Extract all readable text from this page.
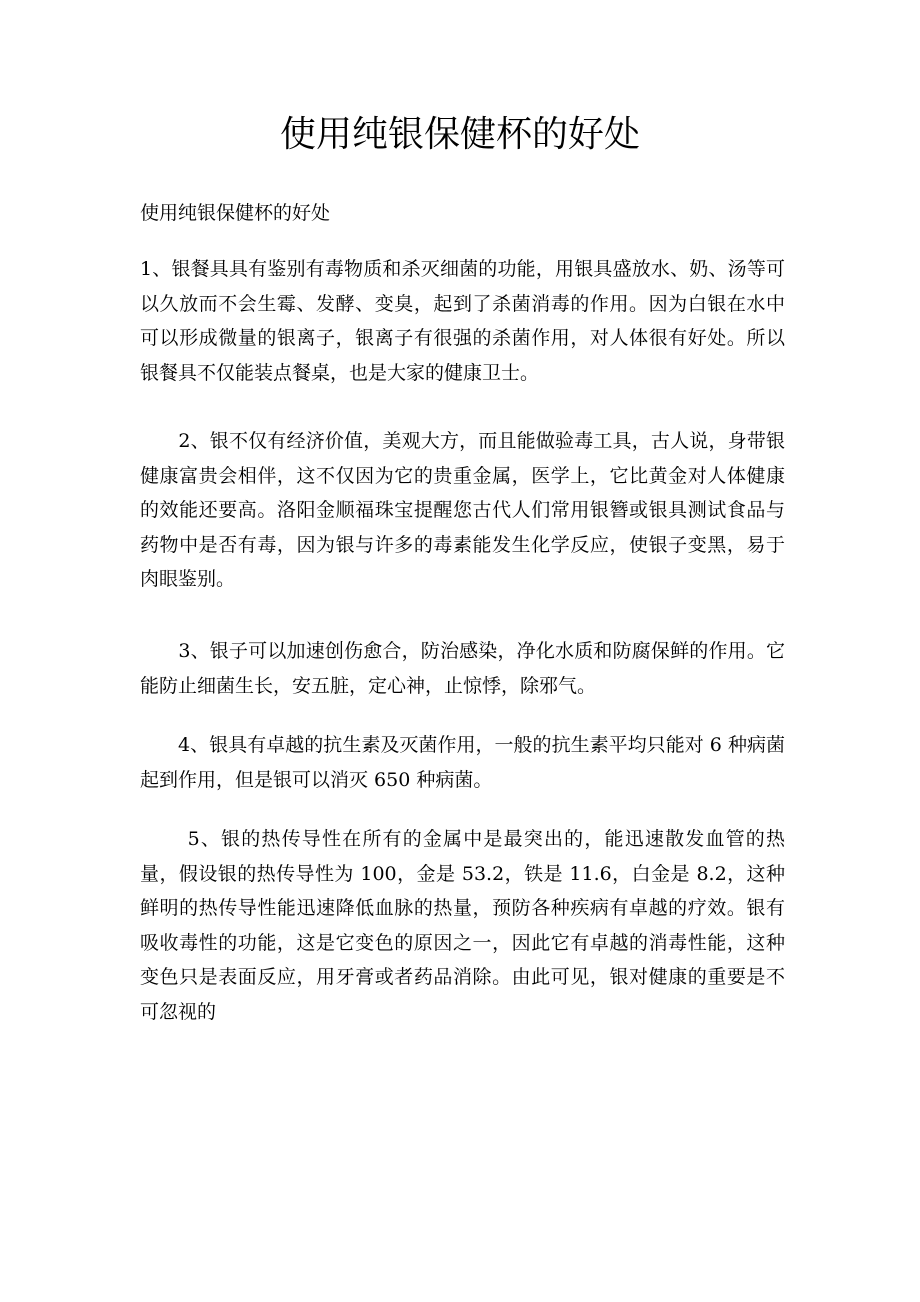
使用纯银保健杯的好处

使用纯银保健杯的好处

1、银餐具具有鉴别有毒物质和杀灭细菌的功能，用银具盛放水、奶、汤等可以久放而不会生霉、发酵、变臭，起到了杀菌消毒的作用。因为白银在水中可以形成微量的银离子，银离子有很强的杀菌作用，对人体很有好处。所以银餐具不仅能装点餐桌，也是大家的健康卫士。

　　2、银不仅有经济价值，美观大方，而且能做验毒工具，古人说，身带银健康富贵会相伴，这不仅因为它的贵重金属，医学上，它比黄金对人体健康的效能还要高。洛阳金顺福珠宝提醒您古代人们常用银簪或银具测试食品与药物中是否有毒，因为银与许多的毒素能发生化学反应，使银子变黑，易于肉眼鉴别。

　　3、银子可以加速创伤愈合，防治感染，净化水质和防腐保鲜的作用。它能防止细菌生长，安五脏，定心神，止惊悸，除邪气。

　　4、银具有卓越的抗生素及灭菌作用，一般的抗生素平均只能对 6 种病菌起到作用，但是银可以消灭 650 种病菌。

　　 5、银的热传导性在所有的金属中是最突出的，能迅速散发血管的热量，假设银的热传导性为 100，金是 53.2，铁是 11.6，白金是 8.2，这种鲜明的热传导性能迅速降低血脉的热量，预防各种疾病有卓越的疗效。银有吸收毒性的功能，这是它变色的原因之一，因此它有卓越的消毒性能，这种变色只是表面反应，用牙膏或者药品消除。由此可见，银对健康的重要是不可忽视的
